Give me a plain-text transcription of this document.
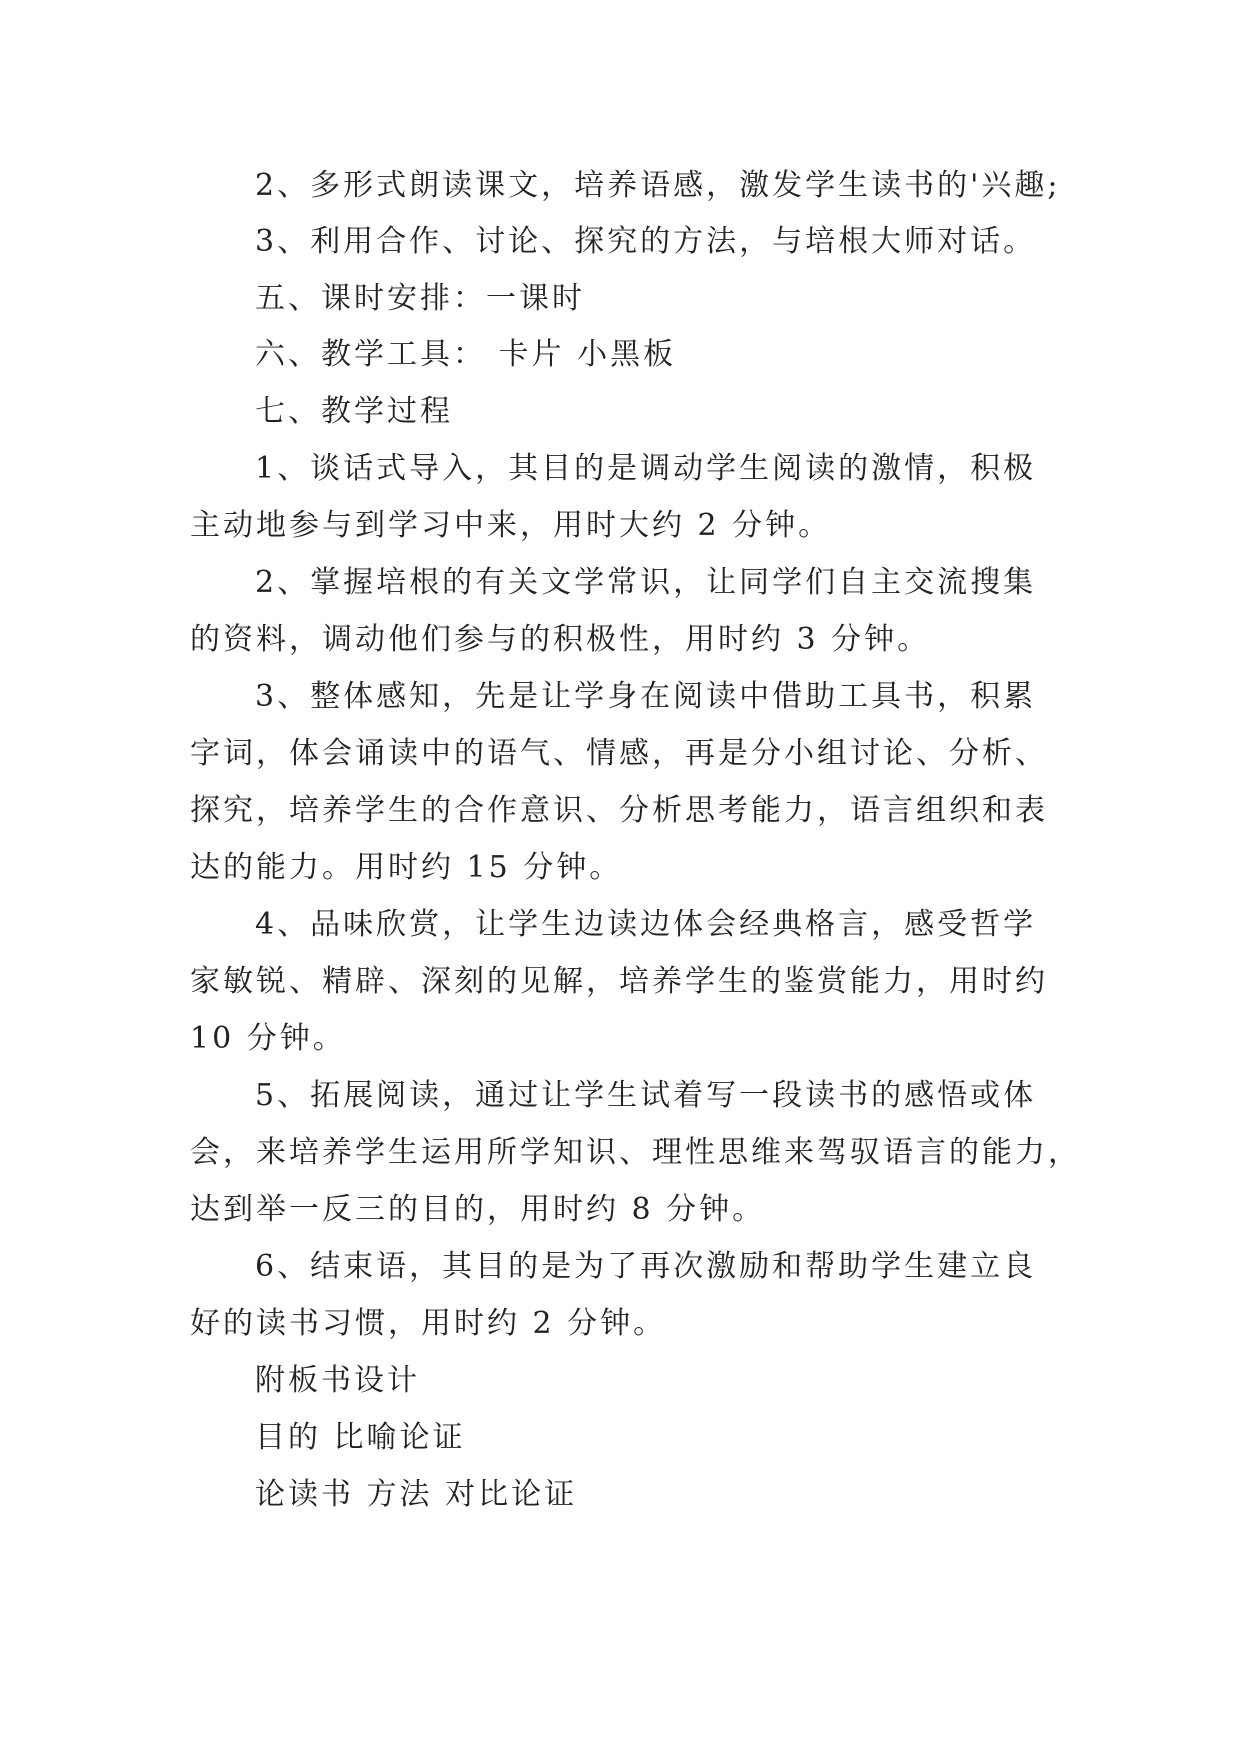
2、多形式朗读课文，培养语感，激发学生读书的'兴趣;
3、利用合作、讨论、探究的方法，与培根大师对话。
五、课时安排：一课时
六、教学工具： 卡片 小黑板
七、教学过程
1、谈话式导入，其目的是调动学生阅读的激情，积极
主动地参与到学习中来，用时大约 2 分钟。
2、掌握培根的有关文学常识，让同学们自主交流搜集
的资料，调动他们参与的积极性，用时约 3 分钟。
3、整体感知，先是让学身在阅读中借助工具书，积累
字词，体会诵读中的语气、情感，再是分小组讨论、分析、
探究，培养学生的合作意识、分析思考能力，语言组织和表
达的能力。用时约 15 分钟。
4、品味欣赏，让学生边读边体会经典格言，感受哲学
家敏锐、精辟、深刻的见解，培养学生的鉴赏能力，用时约
10 分钟。
5、拓展阅读，通过让学生试着写一段读书的感悟或体
会，来培养学生运用所学知识、理性思维来驾驭语言的能力，
达到举一反三的目的，用时约 8 分钟。
6、结束语，其目的是为了再次激励和帮助学生建立良
好的读书习惯，用时约 2 分钟。
附板书设计
目的 比喻论证
论读书 方法 对比论证
